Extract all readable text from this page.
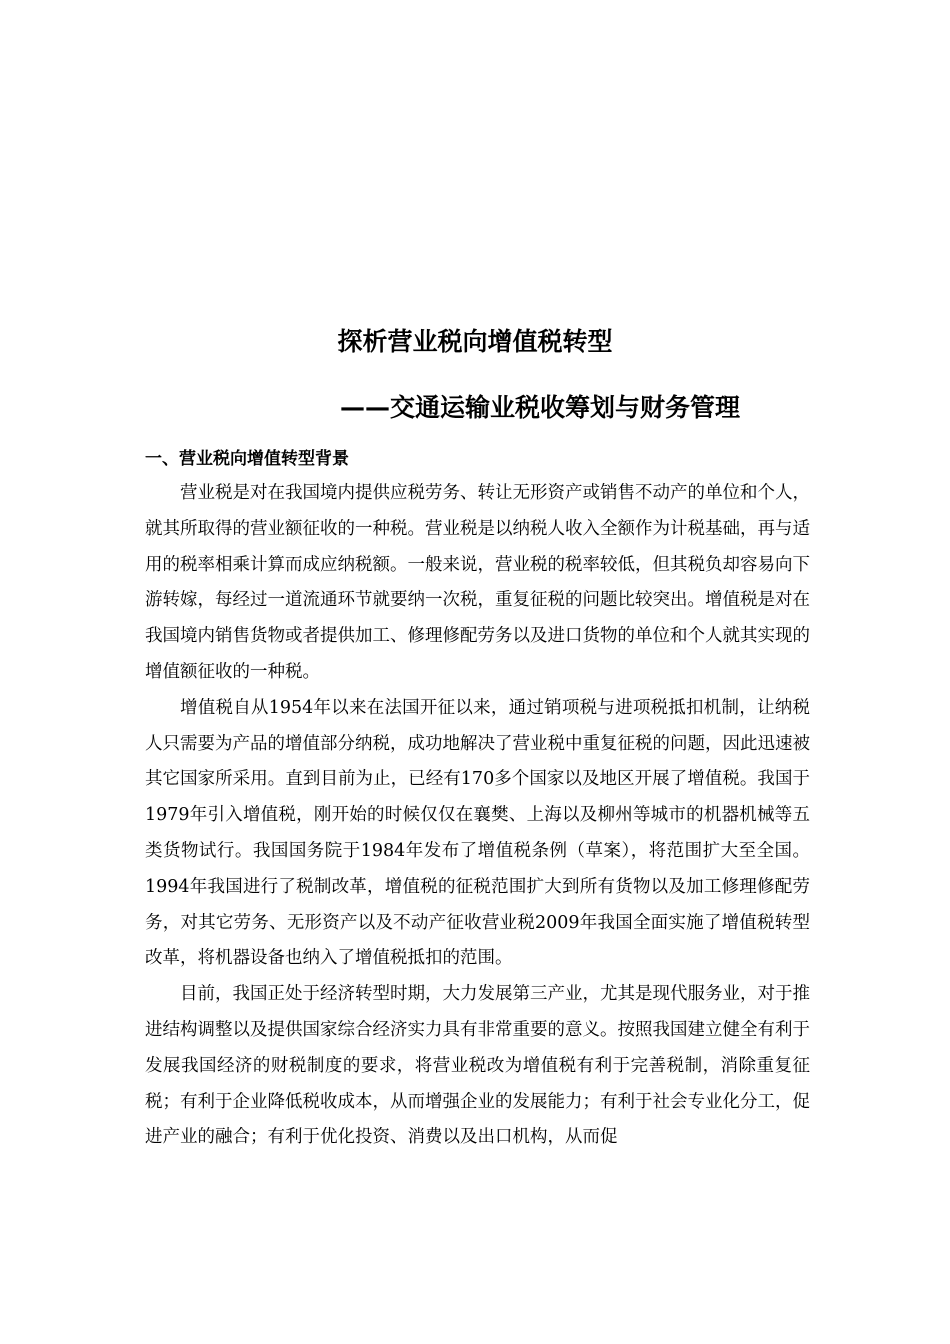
探析营业税向增值税转型
——交通运输业税收筹划与财务管理
一、营业税向增值转型背景

营业税是对在我国境内提供应税劳务、转让无形资产或销售不动产的单位和个人，就其所取得的营业额征收的一种税。营业税是以纳税人收入全额作为计税基础，再与适用的税率相乘计算而成应纳税额。一般来说，营业税的税率较低，但其税负却容易向下游转嫁，每经过一道流通环节就要纳一次税，重复征税的问题比较突出。增值税是对在我国境内销售货物或者提供加工、修理修配劳务以及进口货物的单位和个人就其实现的增值额征收的一种税。

增值税自从1954年以来在法国开征以来，通过销项税与进项税抵扣机制，让纳税人只需要为产品的增值部分纳税，成功地解决了营业税中重复征税的问题，因此迅速被其它国家所采用。直到目前为止，已经有170多个国家以及地区开展了增值税。我国于1979年引入增值税，刚开始的时候仅仅在襄樊、上海以及柳州等城市的机器机械等五类货物试行。我国国务院于1984年发布了增值税条例（草案），将范围扩大至全国。1994年我国进行了税制改革，增值税的征税范围扩大到所有货物以及加工修理修配劳务，对其它劳务、无形资产以及不动产征收营业税2009年我国全面实施了增值税转型改革，将机器设备也纳入了增值税抵扣的范围。

目前，我国正处于经济转型时期，大力发展第三产业，尤其是现代服务业，对于推进结构调整以及提供国家综合经济实力具有非常重要的意义。按照我国建立健全有利于发展我国经济的财税制度的要求，将营业税改为增值税有利于完善税制，消除重复征税；有利于企业降低税收成本，从而增强企业的发展能力；有利于社会专业化分工，促进产业的融合；有利于优化投资、消费以及出口机构，从而促
